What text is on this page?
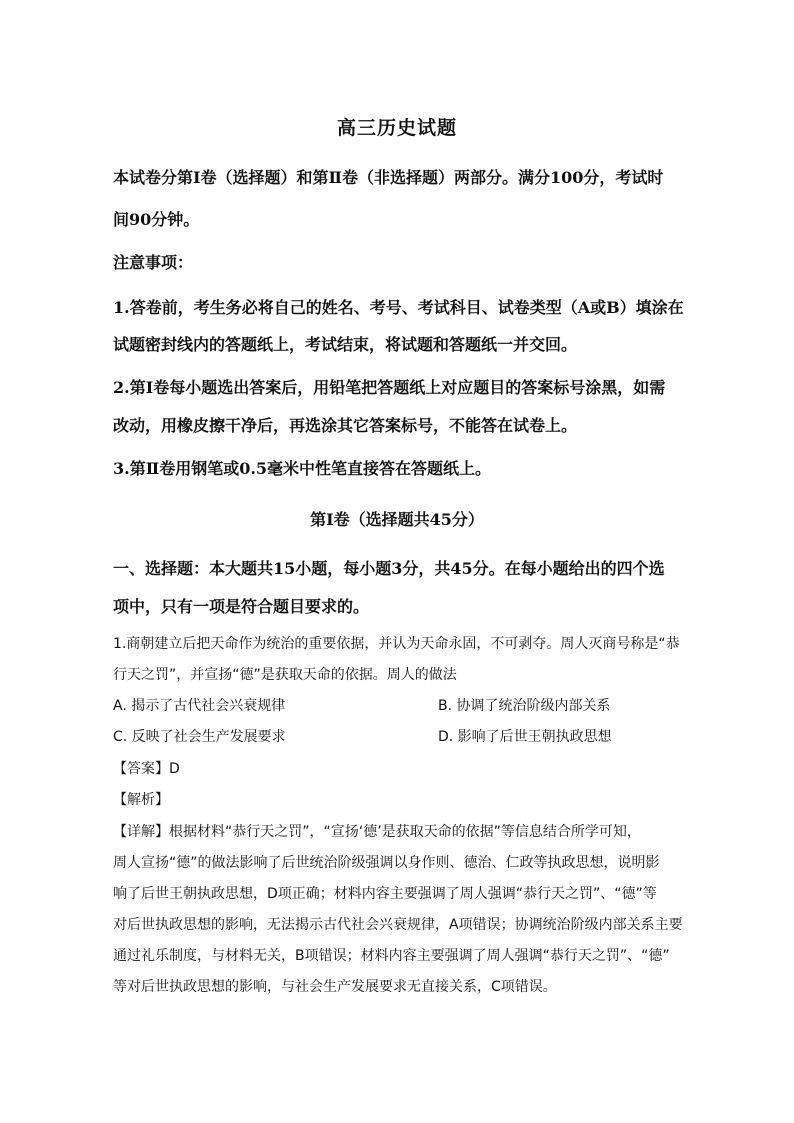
高三历史试题
本试卷分第Ⅰ卷（选择题）和第Ⅱ卷（非选择题）两部分。满分100分，考试时
间90分钟。
注意事项：
1.答卷前，考生务必将自己的姓名、考号、考试科目、试卷类型（A或B）填涂在
试题密封线内的答题纸上，考试结束，将试题和答题纸一并交回。
2.第Ⅰ卷每小题选出答案后，用铅笔把答题纸上对应题目的答案标号涂黑，如需
改动，用橡皮擦干净后，再选涂其它答案标号，不能答在试卷上。
3.第Ⅱ卷用钢笔或0.5毫米中性笔直接答在答题纸上。
第Ⅰ卷（选择题共45分）
一、选择题：本大题共15小题，每小题3分，共45分。在每小题给出的四个选
项中，只有一项是符合题目要求的。
1.商朝建立后把天命作为统治的重要依据，并认为天命永固，不可剥夺。周人灭商号称是“恭
行天之罚”，并宣扬“德”是获取天命的依据。周人的做法
A. 揭示了古代社会兴衰规律	B. 协调了统治阶级内部关系
C. 反映了社会生产发展要求	D. 影响了后世王朝执政思想
【答案】D
【解析】
【详解】根据材料“恭行天之罚”，“宣扬‘德’是获取天命的依据”等信息结合所学可知，
周人宣扬“德”的做法影响了后世统治阶级强调以身作则、德治、仁政等执政思想，说明影
响了后世王朝执政思想，D项正确；材料内容主要强调了周人强调“恭行天之罚”、“德”等
对后世执政思想的影响，无法揭示古代社会兴衰规律，A项错误；协调统治阶级内部关系主要
通过礼乐制度，与材料无关，B项错误；材料内容主要强调了周人强调“恭行天之罚”、“德”
等对后世执政思想的影响，与社会生产发展要求无直接关系，C项错误。
